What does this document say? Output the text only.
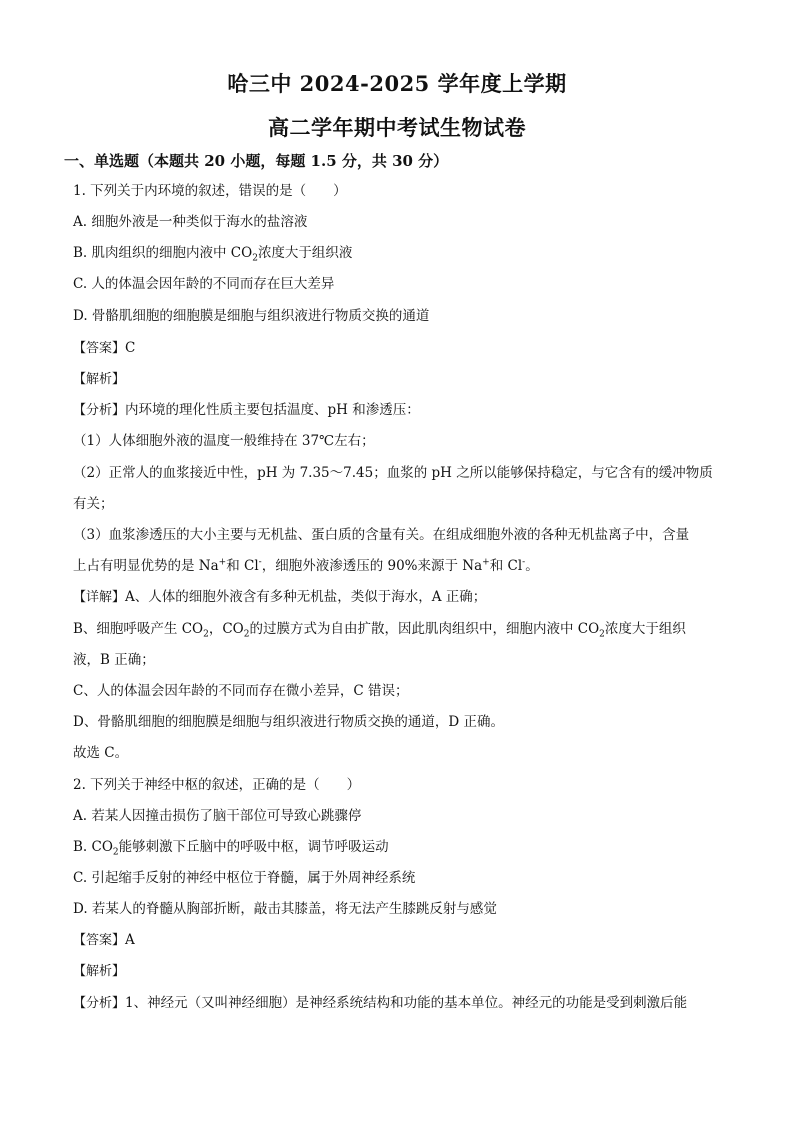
哈三中 2024-2025 学年度上学期
高二学年期中考试生物试卷
一、单选题（本题共 20 小题，每题 1.5 分，共 30 分）
1. 下列关于内环境的叙述，错误的是（　　）
A. 细胞外液是一种类似于海水的盐溶液
B. 肌肉组织的细胞内液中 $CO_2$浓度大于组织液
C. 人的体温会因年龄的不同而存在巨大差异
D. 骨骼肌细胞的细胞膜是细胞与组织液进行物质交换的通道
【答案】C
【解析】
【分析】内环境的理化性质主要包括温度、pH 和渗透压：
（1）人体细胞外液的温度一般维持在 37℃左右；
（2）正常人的血浆接近中性，pH 为 7.35～7.45；血浆的 pH 之所以能够保持稳定，与它含有的缓冲物质
有关；
（3）血浆渗透压的大小主要与无机盐、蛋白质的含量有关。在组成细胞外液的各种无机盐离子中，含量
上占有明显优势的是 Na+和 Cl-，细胞外液渗透压的 90%来源于 Na+和 Cl-。
【详解】A、人体的细胞外液含有多种无机盐，类似于海水，A 正确；
B、细胞呼吸产生 $CO_2$，$CO_2$的过膜方式为自由扩散，因此肌肉组织中，细胞内液中 $CO_2$浓度大于组织
液，B 正确；
C、人的体温会因年龄的不同而存在微小差异，C 错误；
D、骨骼肌细胞的细胞膜是细胞与组织液进行物质交换的通道，D 正确。
故选 C。
2. 下列关于神经中枢的叙述，正确的是（　　）
A. 若某人因撞击损伤了脑干部位可导致心跳骤停
B. $CO_2$能够刺激下丘脑中的呼吸中枢，调节呼吸运动
C. 引起缩手反射的神经中枢位于脊髓，属于外周神经系统
D. 若某人的脊髓从胸部折断，敲击其膝盖，将无法产生膝跳反射与感觉
【答案】A
【解析】
【分析】1、神经元（又叫神经细胞）是神经系统结构和功能的基本单位。神经元的功能是受到刺激后能
